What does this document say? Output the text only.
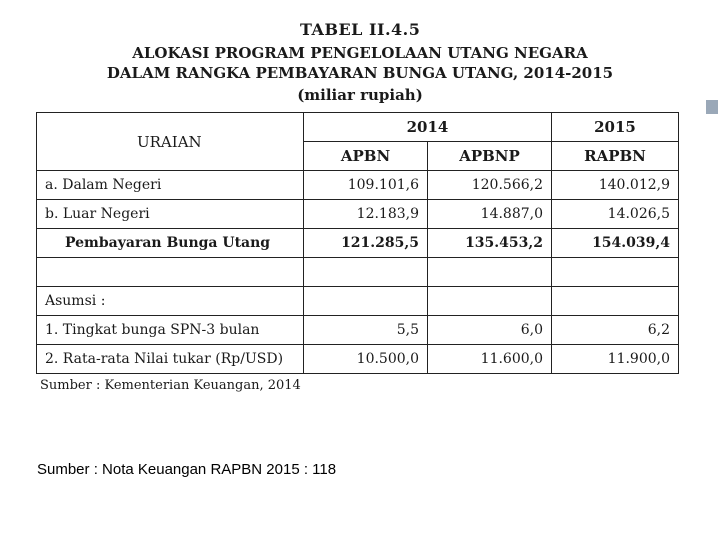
TABEL II.4.5
ALOKASI PROGRAM PENGELOLAAN UTANG NEGARA
DALAM RANGKA PEMBAYARAN BUNGA UTANG, 2014-2015
(miliar rupiah)
URAIAN	2014		2015
	APBN	APBNP	RAPBN
a. Dalam Negeri	109.101,6	120.566,2	140.012,9
b. Luar Negeri	12.183,9	14.887,0	14.026,5
Pembayaran Bunga Utang	121.285,5	135.453,2	154.039,4

Asumsi :			
1. Tingkat bunga SPN-3 bulan	5,5	6,0	6,2
2. Rata-rata Nilai tukar (Rp/USD)	10.500,0	11.600,0	11.900,0
Sumber : Kementerian Keuangan, 2014
Sumber : Nota Keuangan RAPBN 2015 : 118
